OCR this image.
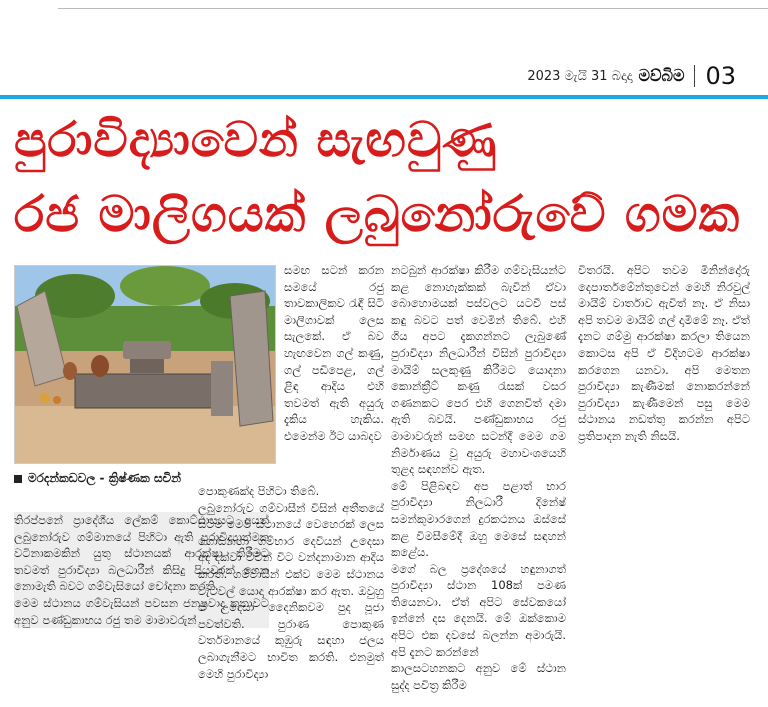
2023 මැයි 31 බදාදා මව්බිම 03
පුරාවිද්‍යාවෙන් සැඟවුණු
රජ මාලිගයක් ලබුනෝරුවේ ගමක
මරදන්කඩවල - ක්‍රිෂ්ණක සචින්

තිරප්පනේ ප්‍රාදේශීය ලේකම් කොට්ඨාසයට අයත් ලබුනෝරුව ගම්මානයේ පිහිටා ඇති පුරාවිද්‍යාත්මක වටිනාකමකින් යුතු ස්ථානයක් ආරක්ෂා කිරීමට තවමත් පුරාවිද්‍යා බලධාරීන් කිසිදු පියවරක් ගෙන නොමැති බවට ගම්වැසියෝ චෝදනා කරති.

මෙම ස්ථානය ගම්වැසියන් පවසන ජනප්‍රවාද කතාවට අනුව පණ්ඩුකාභය රජු තම මාමාවරුන්

සමඟ සටන් කරන සමයේ රජු තාවකාලිකව රැඳී සිටි මාලිගාවක් ලෙස සැලකේ. ඒ බව හැඟවෙන ගල් කණු, ගල් පඩිපෙළ, ගල් ළිඳ ආදිය එහි තවමත් ඇති අයුරු දැකිය හැකිය. එමෙන්ම ඊට යාබදව

පොකුණක්ද පිහිටා තිබේ.

ලබුනෝරුව ගම්වාසීන් විසින් අතීතයේ සිටම මෙම ස්ථානයේ වෙහෙරක් ලෙස ගොඩනඟා ගම්භාර දෙවියන් උදෙසා අද දක්වා විටින් විට වන්දනාමාන ආදිය කරති. ගම්වාසීන් එක්ව මෙම ස්ථානය වැටවල් යොදා ආරක්ෂා කර ඇත. ඔවුහු ඒ උදෙසා දෛනිකවම පුද පූජා පවත්වති. පුරාණ පොකුණ වර්තමානයේ කුඹුරු සඳහා ජලය ලබාගැනීමට භාවිත කරති. එනමුත් මෙහි පුරාවිද්‍යා

නටබුන් ආරක්ෂා කිරීම ගම්වැසියන්ට කළ නොහැක්කක් බැවින් ඒවා බොහොමයක් පස්වලට යටවී පස් කඳු බවට පත් වෙමින් තිබේ. එහි ගිය අපට දැකගන්නට ලැබුණේ පුරාවිද්‍යා නිලධාරීන් විසින් පුරාවිද්‍යා මායිම් සලකුණු කිරීමට යොදනා කොන්ක්‍රීට් කණු රැසක් වසර ගණනකට පෙර එහි ගෙනවිත් දමා ඇති බවයි. පණ්ඩුකාභය රජු මාමාවරුන් සමඟ සටන්දී මෙම ගම නිර්මාණය වූ අයුරු මහාවංශයෙහි තුළද සඳහන්ව ඇත.

මේ පිළිබඳව අප පළාත් භාර පුරාවිද්‍යා නිලධාරී දිනේෂ් සමන්කුමාරගෙන් දුරකථනය ඔස්සේ කළ විමසීමේදී ඔහු මෙසේ සඳහන් කළේය.

මගේ බල ප්‍රදේශයේ හඳුනාගත් පුරාවිද්‍යා ස්ථාන 108ක් පමණ තියෙනවා. ඒත් අපිට සේවකයෝ ඉන්නේ දස දෙනයි. මේ ඔක්කොම අපිට එක දවසේ බලන්න අමාරුයි. අපි දැනට කරන්නේ

කාලසටහනකට අනුව මේ ස්ථාන සුද්ද පවිත්‍ර කිරීම

විතරයි. අපිට තවම මිනින්දෝරු දෙපාර්තමේන්තුවෙන් මෙහි නිරවුල් මායිම් වාර්තාව ඇවිත් නෑ. ඒ නිසා අපි තවම මායිම් ගල් දාමිමේ නෑ. ඒත් දැනට ගම්මු ආරක්ෂා කරලා තියෙන කොටස අපි ඒ විදිහටම ආරක්ෂා කරගෙන යනවා. අපි මෙතන පුරාවිද්‍යා කැණීමක් නොකරන්නේ පුරාවිද්‍යා කැණීමෙන් පසු මෙම ස්ථානය නඩත්තු කරන්න අපිට ප්‍රතිපාදන නැති නිසයි.
